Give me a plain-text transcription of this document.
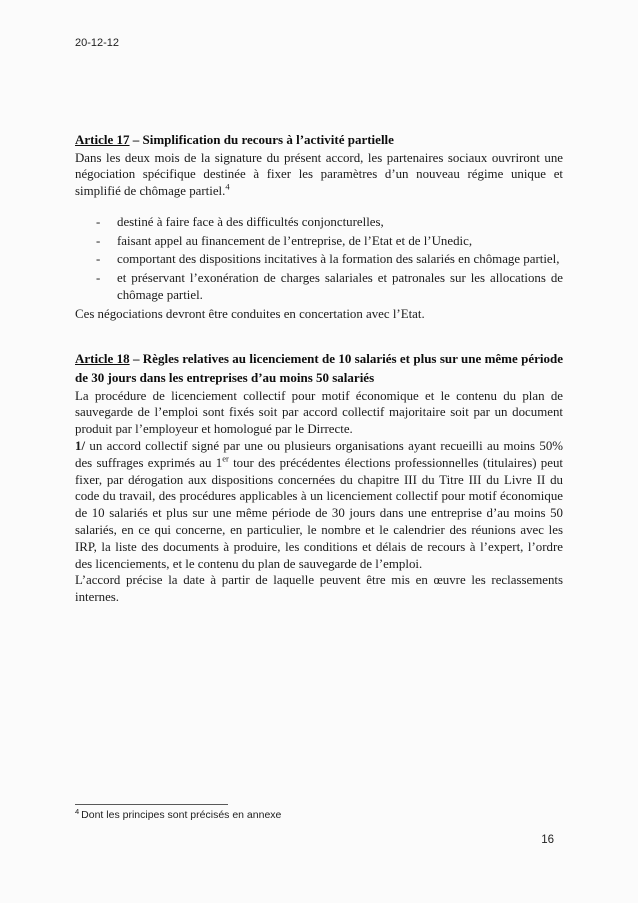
20-12-12
Article 17 – Simplification du recours à l’activité partielle

Dans les deux mois de la signature du présent accord, les partenaires sociaux ouvriront une négociation spécifique destinée à fixer les paramètres d’un nouveau régime unique et simplifié de chômage partiel.$^4$

-	destiné à faire face à des difficultés conjoncturelles,
-	faisant appel au financement de l’entreprise, de l’Etat et de l’Unedic,
-	comportant des dispositions incitatives à la formation des salariés en chômage partiel,
-	et préservant l’exonération de charges salariales et patronales sur les allocations de chômage partiel.

Ces négociations devront être conduites en concertation avec l’Etat.

Article 18 – Règles relatives au licenciement de 10 salariés et plus sur une même période de 30 jours dans les entreprises d’au moins 50 salariés

La procédure de licenciement collectif pour motif économique et le contenu du plan de sauvegarde de l’emploi sont fixés soit par accord collectif majoritaire soit par un document produit par l’employeur et homologué par le Dirrecte.

1/ un accord collectif signé par une ou plusieurs organisations ayant recueilli au moins 50% des suffrages exprimés au 1er tour des précédentes élections professionnelles (titulaires) peut fixer, par dérogation aux dispositions concernées du chapitre III du Titre III du Livre II du code du travail, des procédures applicables à un licenciement collectif pour motif économique de 10 salariés et plus sur une même période de 30 jours dans une entreprise d’au moins 50 salariés, en ce qui concerne, en particulier, le nombre et le calendrier des réunions avec les IRP, la liste des documents à produire, les conditions et délais de recours à l’expert, l’ordre des licenciements, et le contenu du plan de sauvegarde de l’emploi.

L’accord précise la date à partir de laquelle peuvent être mis en œuvre les reclassements internes.

$^4$ Dont les principes sont précisés en annexe
16
